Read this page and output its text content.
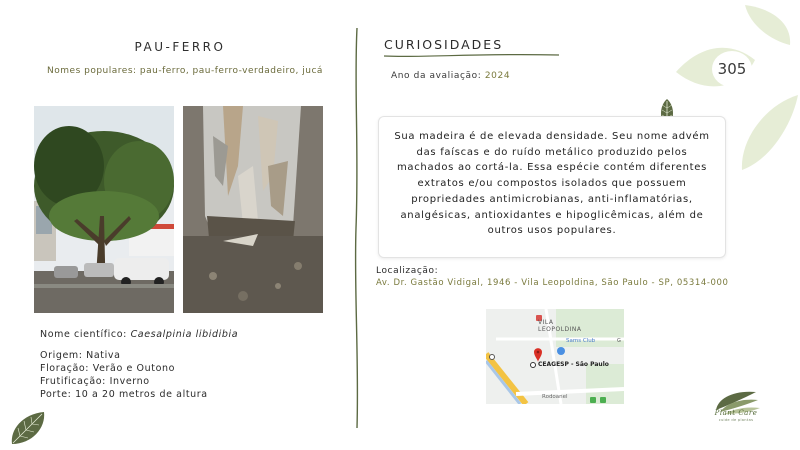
PAU-FERRO
Nomes populares: pau-ferro, pau-ferro-verdadeiro, jucá
Nome científico: Caesalpinia libidibia
Origem: Nativa
Floração: Verão e Outono
Frutificação: Inverno
Porte: 10 a 20 metros de altura
CURIOSIDADES
Ano da avaliação: 2024	305

Sua madeira é de elevada densidade. Seu nome advém das faíscas e do ruído metálico produzido pelos machados ao cortá-la. Essa espécie contém diferentes extratos e/ou compostos isolados que possuem propriedades antimicrobianas, anti-inflamatórias, analgésicas, antioxidantes e hipoglicêmicas, além de outros usos populares.

Localização:
Av. Dr. Gastão Vidigal, 1946 - Vila Leopoldina, São Paulo - SP, 05314-000
VILA LEOPOLDINA
Sams Club
CEAGESP - São Paulo
Rodoanel
G
Plant Care
cuide de plantas
